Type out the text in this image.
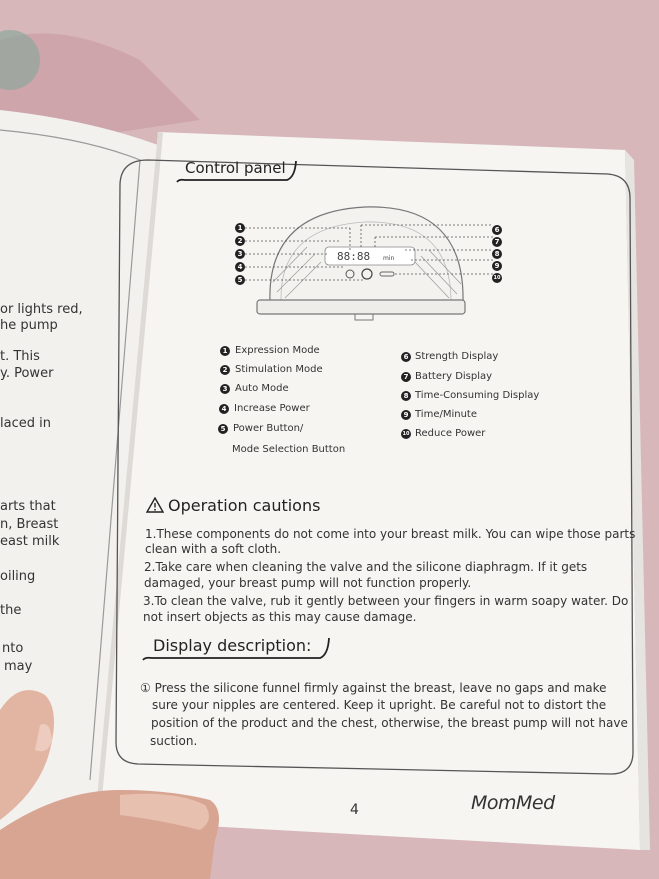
or lights red,
he pump
t. This
y. Power
laced in
arts that
n, Breast
east milk
oiling
the
nto
may
Control panel
88:88 min
1
2
3
4
5
6
7
8
9
10
1 Expression Mode
2 Stimulation Mode
3 Auto Mode
4 Increase Power
5 Power Button/
Mode Selection Button
6 Strength Display
7 Battery Display
8 Time-Consuming Display
9 Time/Minute
10 Reduce Power
Operation cautions
1.These components do not come into your breast milk. You can wipe those parts
clean with a soft cloth.
2.Take care when cleaning the valve and the silicone diaphragm. If it gets
damaged, your breast pump will not function properly.
3.To clean the valve, rub it gently between your fingers in warm soapy water. Do
not insert objects as this may cause damage.
Display description:
① Press the silicone funnel firmly against the breast, leave no gaps and make
sure your nipples are centered. Keep it upright. Be careful not to distort the
position of the product and the chest, otherwise, the breast pump will not have
suction.
4	MomMed
